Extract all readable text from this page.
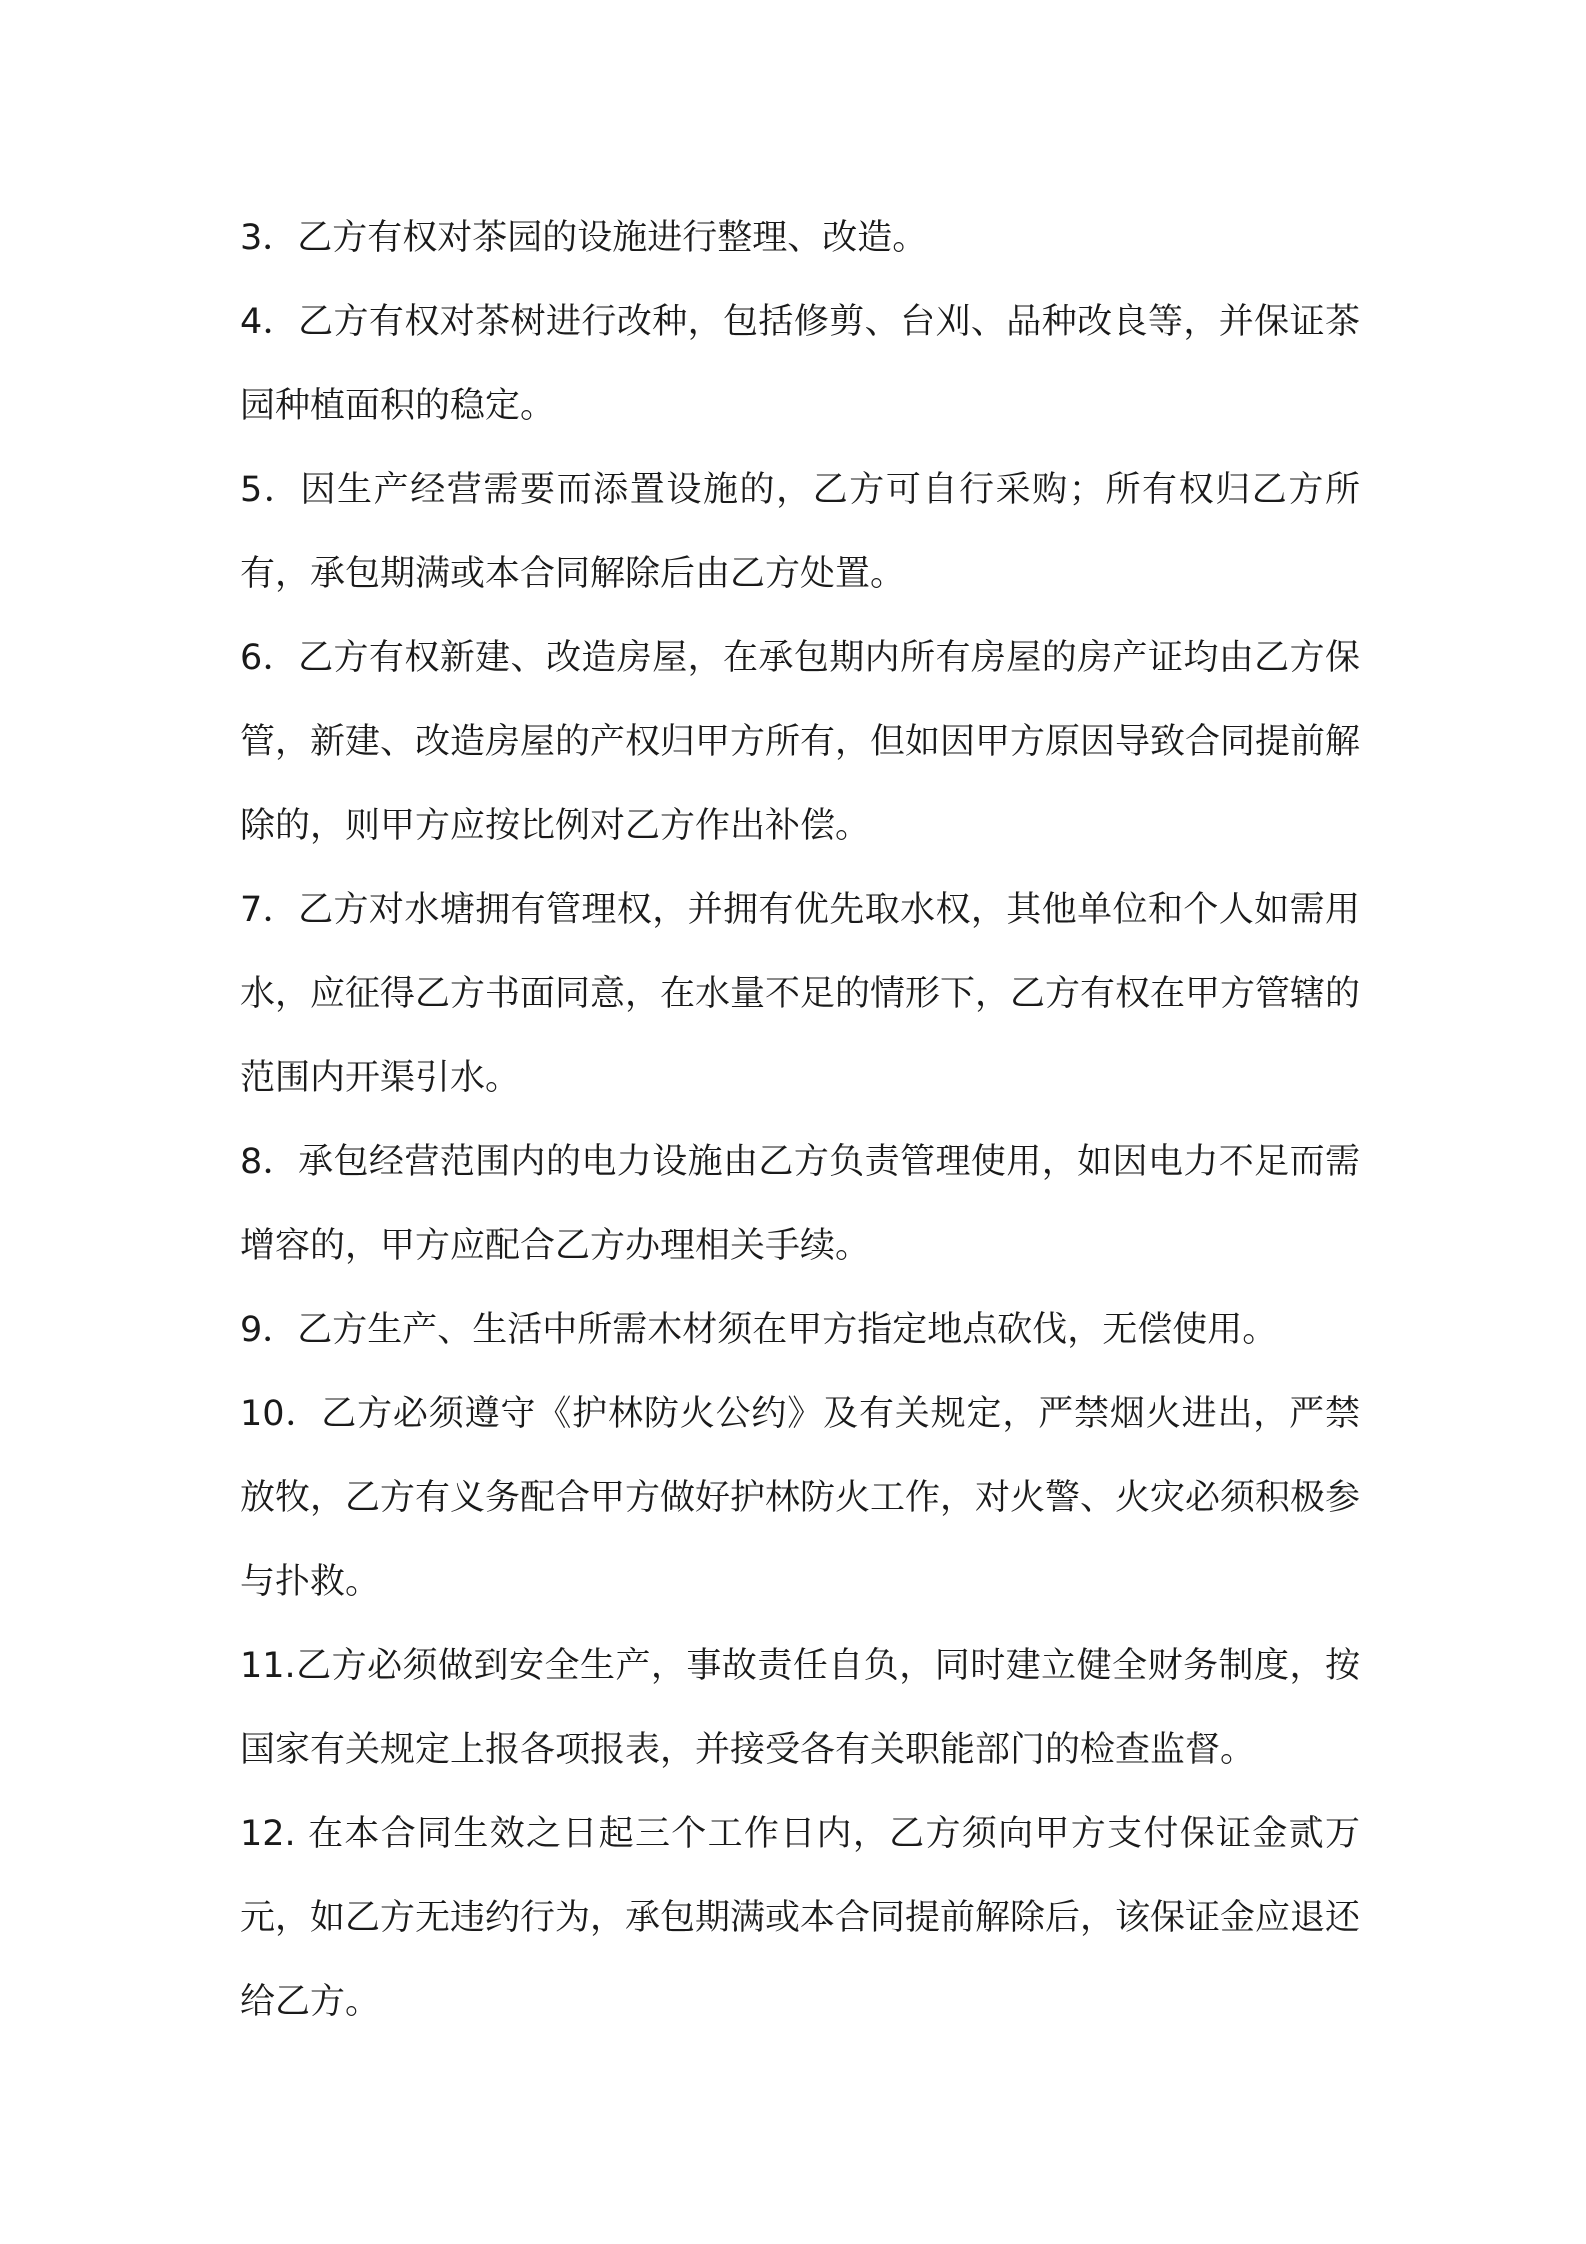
3．乙方有权对茶园的设施进行整理、改造。

4．乙方有权对茶树进行改种，包括修剪、台刈、品种改良等，并保证茶园种植面积的稳定。

5．因生产经营需要而添置设施的，乙方可自行采购；所有权归乙方所有，承包期满或本合同解除后由乙方处置。

6．乙方有权新建、改造房屋，在承包期内所有房屋的房产证均由乙方保管，新建、改造房屋的产权归甲方所有，但如因甲方原因导致合同提前解除的，则甲方应按比例对乙方作出补偿。

7．乙方对水塘拥有管理权，并拥有优先取水权，其他单位和个人如需用水，应征得乙方书面同意，在水量不足的情形下，乙方有权在甲方管辖的范围内开渠引水。

8．承包经营范围内的电力设施由乙方负责管理使用，如因电力不足而需增容的，甲方应配合乙方办理相关手续。

9．乙方生产、生活中所需木材须在甲方指定地点砍伐，无偿使用。

10．乙方必须遵守《护林防火公约》及有关规定，严禁烟火进出，严禁放牧，乙方有义务配合甲方做好护林防火工作，对火警、火灾必须积极参与扑救。

11.乙方必须做到安全生产，事故责任自负，同时建立健全财务制度，按国家有关规定上报各项报表，并接受各有关职能部门的检查监督。

12. 在本合同生效之日起三个工作日内，乙方须向甲方支付保证金贰万元，如乙方无违约行为，承包期满或本合同提前解除后，该保证金应退还给乙方。
